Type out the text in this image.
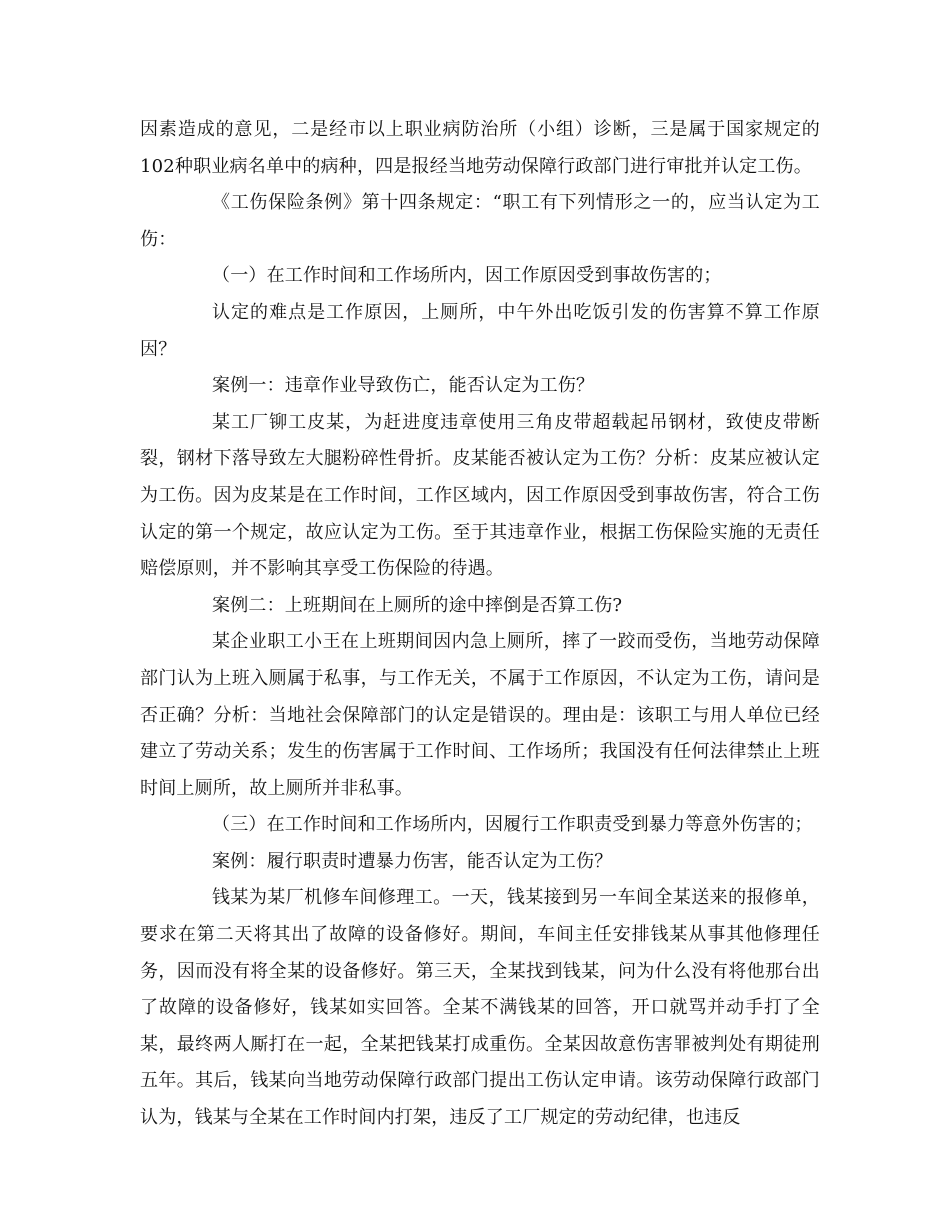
因素造成的意见，二是经市以上职业病防治所（小组）诊断，三是属于国家规定的102种职业病名单中的病种，四是报经当地劳动保障行政部门进行审批并认定工伤。

《工伤保险条例》第十四条规定：“职工有下列情形之一的，应当认定为工伤：

（一）在工作时间和工作场所内，因工作原因受到事故伤害的；

认定的难点是工作原因，上厕所，中午外出吃饭引发的伤害算不算工作原因？

案例一：违章作业导致伤亡，能否认定为工伤？

某工厂铆工皮某，为赶进度违章使用三角皮带超载起吊钢材，致使皮带断裂，钢材下落导致左大腿粉碎性骨折。皮某能否被认定为工伤？分析：皮某应被认定为工伤。因为皮某是在工作时间，工作区域内，因工作原因受到事故伤害，符合工伤认定的第一个规定，故应认定为工伤。至于其违章作业，根据工伤保险实施的无责任赔偿原则，并不影响其享受工伤保险的待遇。

案例二：上班期间在上厕所的途中摔倒是否算工伤?

某企业职工小王在上班期间因内急上厕所，摔了一跤而受伤，当地劳动保障部门认为上班入厕属于私事，与工作无关，不属于工作原因，不认定为工伤，请问是否正确？分析：当地社会保障部门的认定是错误的。理由是：该职工与用人单位已经建立了劳动关系；发生的伤害属于工作时间、工作场所；我国没有任何法律禁止上班时间上厕所，故上厕所并非私事。

（三）在工作时间和工作场所内，因履行工作职责受到暴力等意外伤害的；

案例：履行职责时遭暴力伤害，能否认定为工伤？

钱某为某厂机修车间修理工。一天，钱某接到另一车间全某送来的报修单，要求在第二天将其出了故障的设备修好。期间，车间主任安排钱某从事其他修理任务，因而没有将全某的设备修好。第三天，全某找到钱某，问为什么没有将他那台出了故障的设备修好，钱某如实回答。全某不满钱某的回答，开口就骂并动手打了全某，最终两人厮打在一起，全某把钱某打成重伤。全某因故意伤害罪被判处有期徒刑五年。其后，钱某向当地劳动保障行政部门提出工伤认定申请。该劳动保障行政部门认为，钱某与全某在工作时间内打架，违反了工厂规定的劳动纪律，也违反
